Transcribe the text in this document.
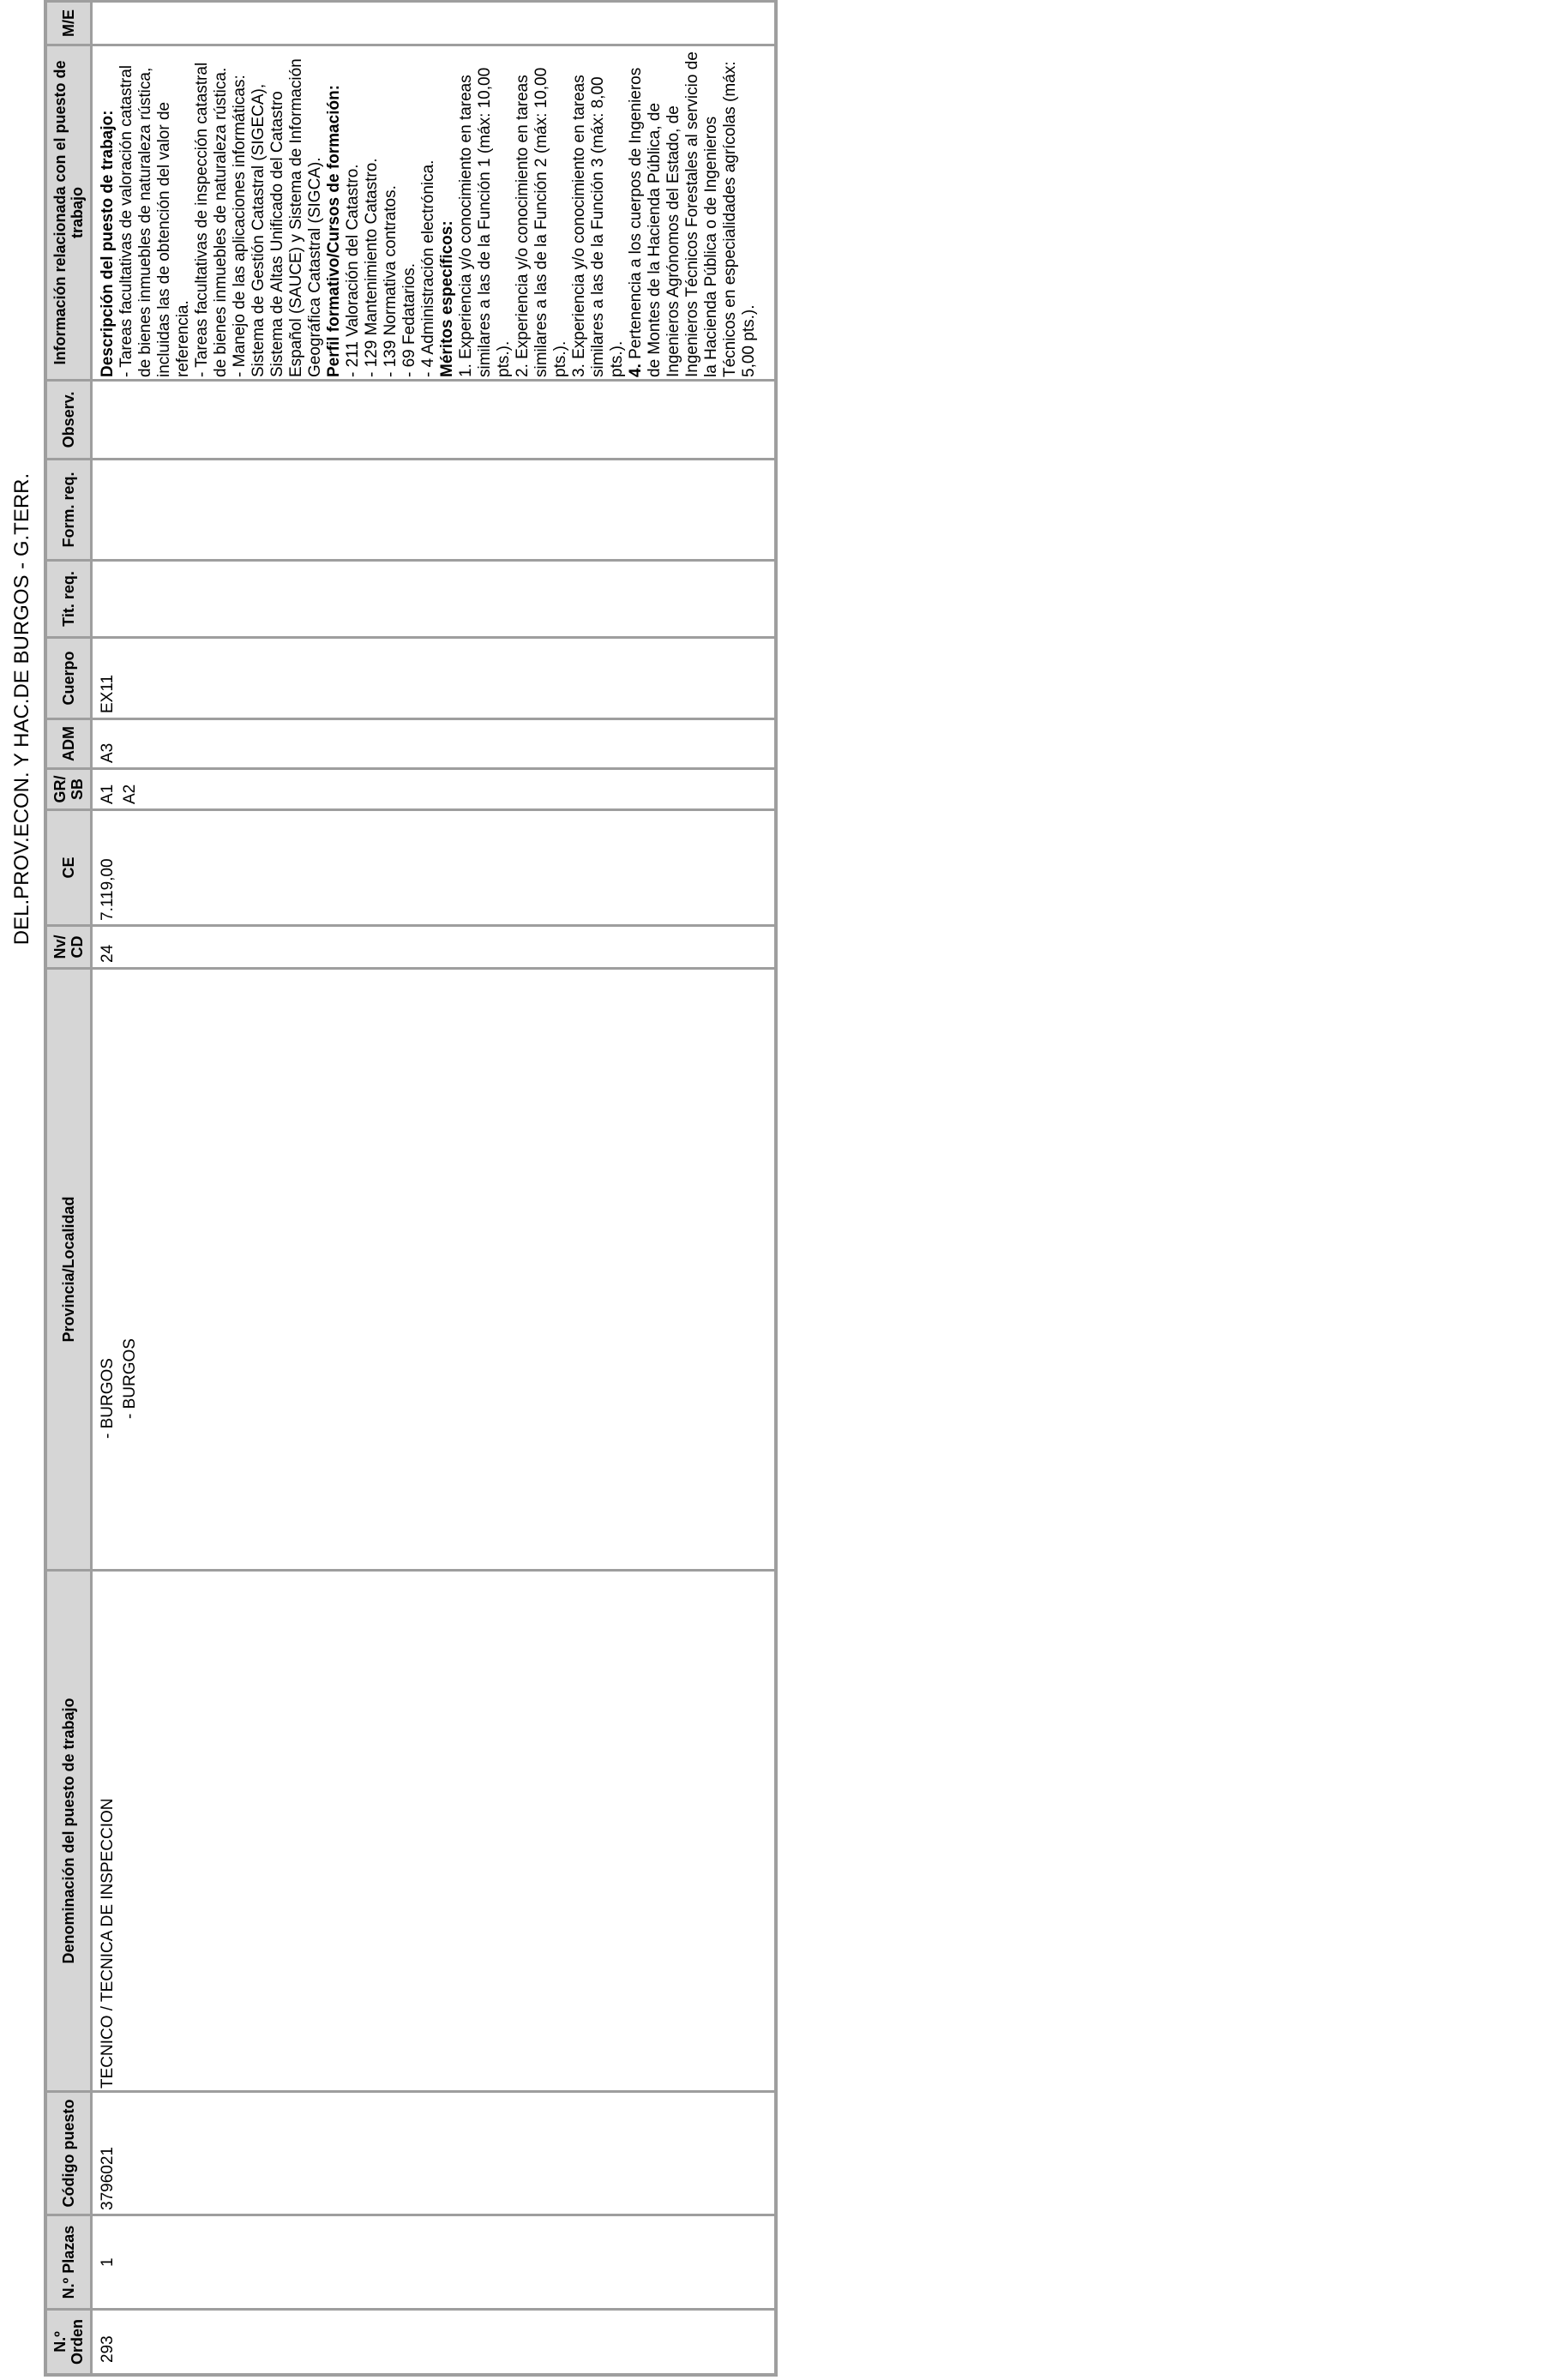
DEL.PROV.ECON. Y HAC.DE BURGOS - G.TERR.
N.º Orden
N.º Plazas
Código puesto
Denominación del puesto de trabajo
Provincia/Localidad
Nv/ CD
CE
GR/ SB
ADM
Cuerpo
Tit. req.
Form. req.
Observ.
Información relacionada con el puesto de trabajo
M/E
293
1
3796021
TECNICO / TECNICA DE INSPECCION
- BURGOS - BURGOS
24
7.119,00
A1 A2
A3
EX11
Descripción del puesto de trabajo: - Tareas facultativas de valoración catastral de bienes inmuebles de naturaleza rústica, incluidas las de obtención del valor de referencia. - Tareas facultativas de inspección catastral de bienes inmuebles de naturaleza rústica. - Manejo de las aplicaciones informáticas: Sistema de Gestión Catastral (SIGECA), Sistema de Altas Unificado del Catastro Español (SAUCE) y Sistema de Información Geográfica Catastral (SIGCA). Perfil formativo/Cursos de formación: - 211 Valoración del Catastro. - 129 Mantenimiento Catastro. - 139 Normativa contratos. - 69 Fedatarios. - 4 Administración electrónica. Méritos específicos: 1. Experiencia y/o conocimiento en tareas similares a las de la Función 1 (máx: 10,00 pts.). 2. Experiencia y/o conocimiento en tareas similares a las de la Función 2 (máx: 10,00 pts.). 3. Experiencia y/o conocimiento en tareas similares a las de la Función 3 (máx: 8,00 pts.). 4. Pertenencia a los cuerpos de Ingenieros de Montes de la Hacienda Pública, de Ingenieros Agrónomos del Estado, de Ingenieros Técnicos Forestales al servicio de la Hacienda Pública o de Ingenieros Técnicos en especialidades agrícolas (máx: 5,00 pts.).
